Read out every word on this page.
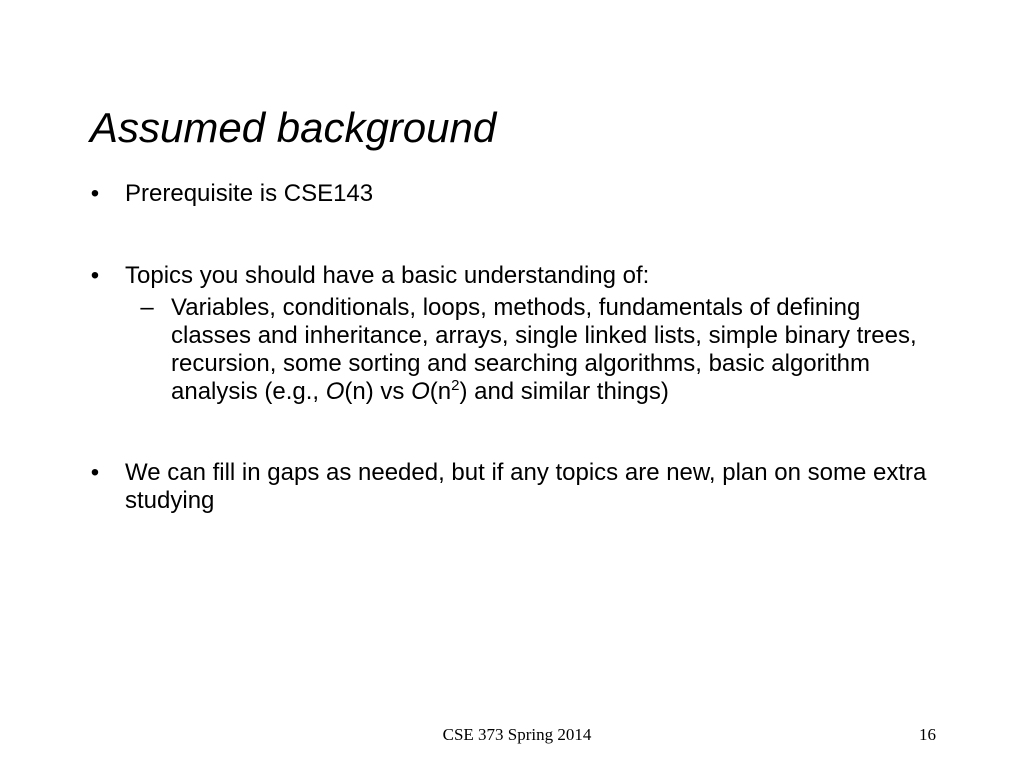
Assumed background
• Prerequisite is CSE143
• Topics you should have a basic understanding of:
– Variables, conditionals, loops, methods, fundamentals of defining classes and inheritance, arrays, single linked lists, simple binary trees, recursion, some sorting and searching algorithms, basic algorithm analysis (e.g., O(n) vs $O(n^2)$ and similar things)
• We can fill in gaps as needed, but if any topics are new, plan on some extra studying
CSE 373 Spring 2014	16
